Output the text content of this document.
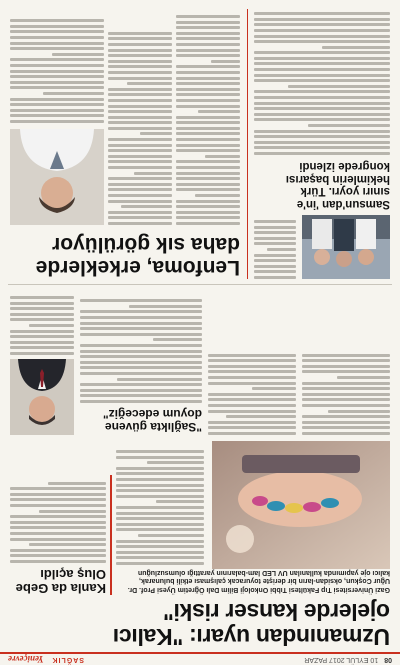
08
10 EYLÜL 2017 PAZAR
SAĞLIK
Yeniçevre
Uzmanından uyarı: "Kalıcı
ojelerde kanser riski"
Gazi Üniversitesi Tıp Fakültesi Tıbbi Onkoloji Bilim Dalı Öğretim Üyesi Prof. Dr. Uğur Coşkun, oksidan-ların bir derişte toyuracak çalışması etkili bulunarak, kalıcı oje yapımında kullanılan UV LED lam-balarının yarattığı olumsuzluğun
Kanla da Gebe
Oluş açıldı
"Sağlıkta güvene
doyum edeceğiz"
Samsun'dan 'in'e
sınırı yoyrı. Türk
hekimlerin başarısı
kongrede izlendi
Lenfoma, erkeklerde
daha sık görülüyor
